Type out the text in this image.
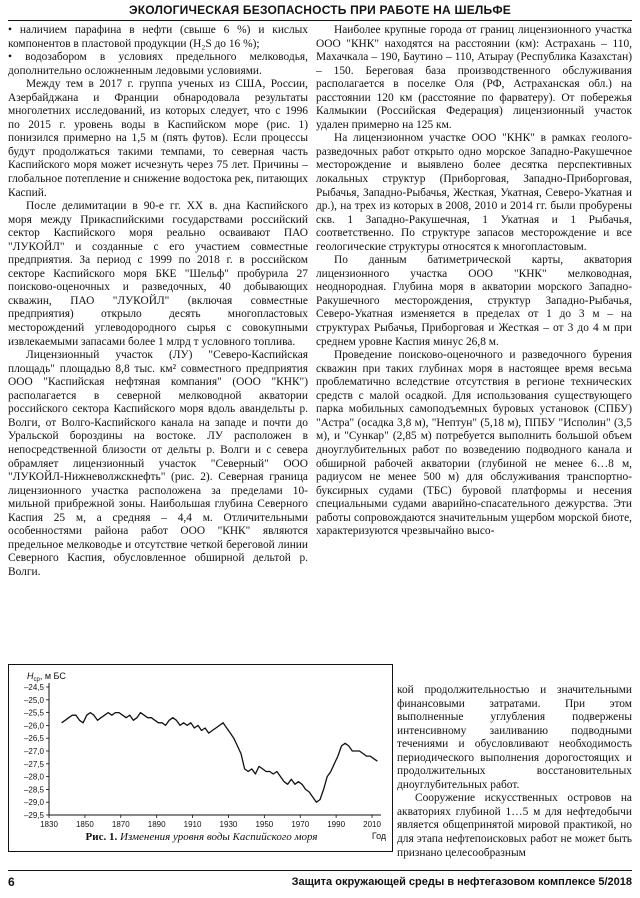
ЭКОЛОГИЧЕСКАЯ БЕЗОПАСНОСТЬ ПРИ РАБОТЕ НА ШЕЛЬФЕ

• наличием парафина в нефти (свыше 6 %) и кислых компонентов в пластовой продукции (H₂S до 16 %);

• водозабором в условиях предельного мелководья, дополнительно осложненным ледовыми условиями.

Между тем в 2017 г. группа ученых из США, России, Азербайджана и Франции обнародовала результаты многолетних исследований, из которых следует, что с 1996 по 2015 г. уровень воды в Каспийском море (рис. 1) понизился примерно на 1,5 м (пять футов). Если процессы будут продолжаться такими темпами, то северная часть Каспийского моря может исчезнуть через 75 лет. Причины – глобальное потепление и снижение водостока рек, питающих Каспий.

После делимитации в 90-е гг. XX в. дна Каспийского моря между Прикаспийскими государствами российский сектор Каспийского моря реально осваивают ПАО "ЛУКОЙЛ" и созданные с его участием совместные предприятия. За период с 1999 по 2018 г. в российском секторе Каспийского моря БКЕ "Шельф" пробурила 27 поисково-оценочных и разведочных, 40 добывающих скважин, ПАО "ЛУКОЙЛ" (включая совместные предприятия) открыло десять многопластовых месторождений углеводородного сырья с совокупными извлекаемыми запасами более 1 млрд т условного топлива.

Лицензионный участок (ЛУ) "Северо-Каспийская площадь" площадью 8,8 тыс. км² совместного предприятия ООО "Каспийская нефтяная компания" (ООО "КНК") располагается в северной мелководной акватории российского сектора Каспийского моря вдоль авандельты р. Волги, от Волго-Каспийского канала на западе и почти до Уральской бороздины на востоке. ЛУ расположен в непосредственной близости от дельты р. Волги и с севера обрамляет лицензионный участок "Северный" ООО "ЛУКОЙЛ-Нижневолжскнефть" (рис. 2). Северная граница лицензионного участка расположена за пределами 10-мильной прибрежной зоны. Наибольшая глубина Северного Каспия 25 м, а средняя – 4,4 м. Отличительными особенностями района работ ООО "КНК" являются предельное мелководье и отсутствие четкой береговой линии Северного Каспия, обусловленное обширной дельтой р. Волги.

Наиболее крупные города от границ лицензионного участка ООО "КНК" находятся на расстоянии (км): Астрахань – 110, Махачкала – 190, Баутино – 110, Атырау (Республика Казахстан) – 150. Береговая база производственного обслуживания располагается в поселке Оля (РФ, Астраханская обл.) на расстоянии 120 км (расстояние по фарватеру). От побережья Калмыкии (Российская Федерация) лицензионный участок удален примерно на 125 км.

На лицензионном участке ООО "КНК" в рамках геолого-разведочных работ открыто одно морское Западно-Ракушечное месторождение и выявлено более десятка перспективных локальных структур (Приборговая, Западно-Приборговая, Рыбачья, Западно-Рыбачья, Жесткая, Укатная, Северо-Укатная и др.), на трех из которых в 2008, 2010 и 2014 гг. были пробурены скв. 1 Западно-Ракушечная, 1 Укатная и 1 Рыбачья, соответственно. По структуре запасов месторождение и все геологические структуры относятся к многопластовым.

По данным батиметрической карты, акватория лицензионного участка ООО "КНК" мелководная, неоднородная. Глубина моря в акватории морского Западно-Ракушечного месторождения, структур Западно-Рыбачья, Северо-Укатная изменяется в пределах от 1 до 3 м – на структурах Рыбачья, Приборговая и Жесткая – от 3 до 4 м при среднем уровне Каспия минус 26,8 м.

Проведение поисково-оценочного и разведочного бурения скважин при таких глубинах моря в настоящее время весьма проблематично вследствие отсутствия в регионе технических средств с малой осадкой. Для использования существующего парка мобильных самоподъемных буровых установок (СПБУ) "Астра" (осадка 3,8 м), "Нептун" (5,18 м), ППБУ "Исполин" (3,5 м), и "Сункар" (2,85 м) потребуется выполнить большой объем дноуглубительных работ по возведению подводного канала и обширной рабочей акватории (глубиной не менее 6…8 м, радиусом не менее 500 м) для обслуживания транспортно-буксирных судами (ТБС) буровой платформы и несения специальными судами аварийно-спасательного дежурства. Эти работы сопровождаются значительным ущербом морской биоте, характеризуются чрезвычайно высо-

кой продолжительностью и значительными финансовыми затратами. При этом выполненные углубления подвержены интенсивному заиливанию подводными течениями и обусловливают необходимость периодического выполнения дорогостоящих и продолжительных восстановительных дноуглубительных работ.

Сооружение искусственных островов на акваториях глубиной 1…5 м для нефтедобычи является общепринятой мировой практикой, но для этапа нефтепоисковых работ не может быть признано целесообразным

–24,5
–25,0
–25,5
–26,0
–26,5
–27,0
–27,5
–28,0
–28,5
–29,0
–29,5
1830 1850 1870 1890 1910 1930 1950 1970 1990 2010
$H_{ср}$, м БС
Год
Рис. 1. Изменения уровня воды Каспийского моря
6	Защита окружающей среды в нефтегазовом комплексе 5/2018
